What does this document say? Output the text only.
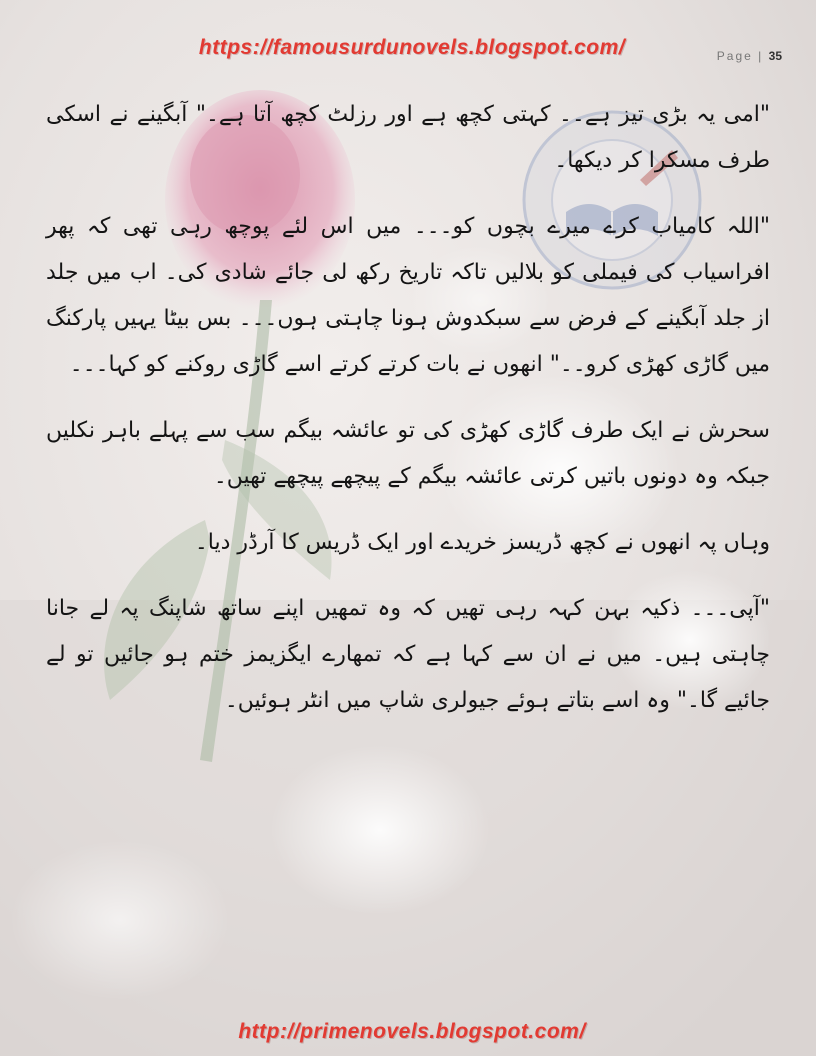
https://famousurdunovels.blogspot.com/	Page | 35

"امی یہ بڑی تیز ہے۔۔ کہتی کچھ ہے اور رزلٹ کچھ آتا ہے۔" آبگینے نے اسکی طرف مسکرا کر دیکھا۔

"اللہ کامیاب کرے میرے بچوں کو۔۔۔ میں اس لئے پوچھ رہی تھی کہ پھر افراسیاب کی فیملی کو بلالیں تاکہ تاریخ رکھ لی جائے شادی کی۔ اب میں جلد از جلد آبگینے کے فرض سے سبکدوش ہونا چاہتی ہوں۔۔۔ بس بیٹا یہیں پارکنگ میں گاڑی کھڑی کرو۔۔" انھوں نے بات کرتے کرتے اسے گاڑی روکنے کو کہا۔۔۔

سحرش نے ایک طرف گاڑی کھڑی کی تو عائشہ بیگم سب سے پہلے باہر نکلیں جبکہ وہ دونوں باتیں کرتی عائشہ بیگم کے پیچھے پیچھے تھیں۔

وہاں پہ انھوں نے کچھ ڈریسز خریدے اور ایک ڈریس کا آرڈر دیا۔

"آپی۔۔۔ ذکیہ بہن کہہ رہی تھیں کہ وہ تمھیں اپنے ساتھ شاپنگ پہ لے جانا چاہتی ہیں۔ میں نے ان سے کہا ہے کہ تمھارے ایگزیمز ختم ہو جائیں تو لے جائیے گا۔" وہ اسے بتاتے ہوئے جیولری شاپ میں انٹر ہوئیں۔

http://primenovels.blogspot.com/
